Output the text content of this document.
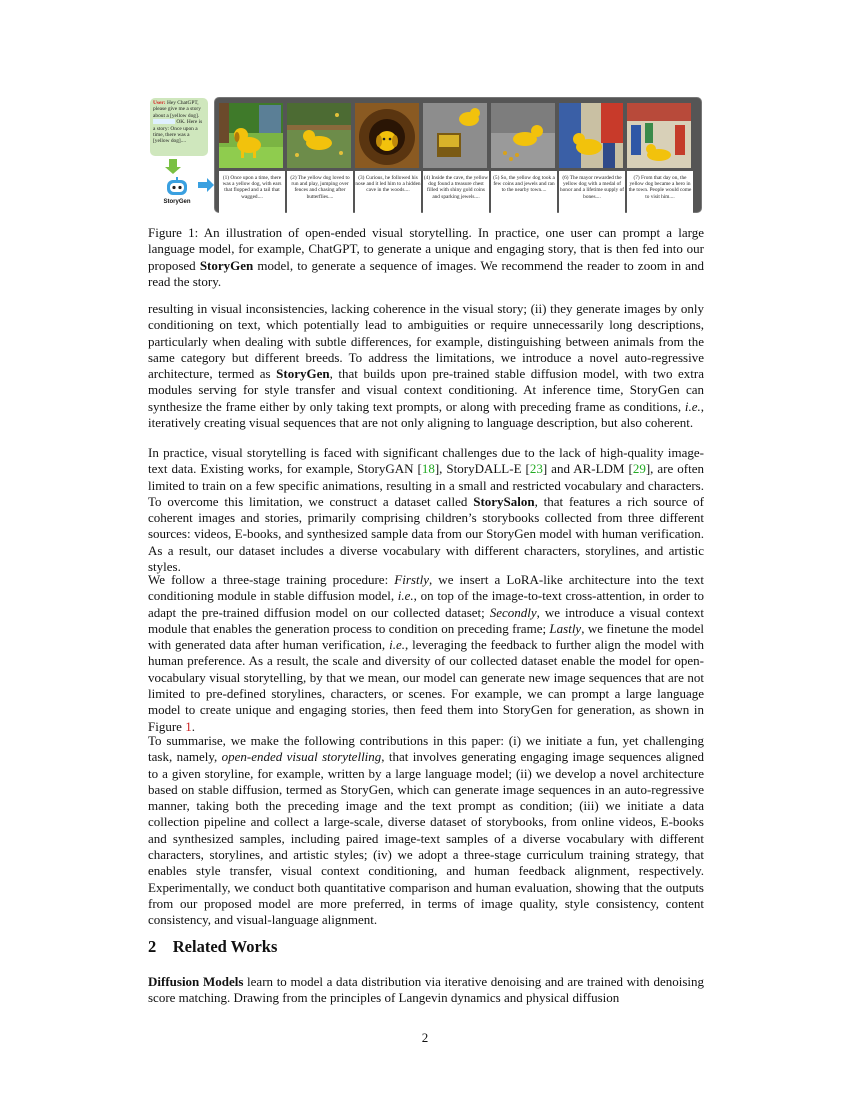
User: Hey ChatGPT, please give me a story about a [yellow dog].
OK. Here is a story: Once upon a time, there was a [yellow dog]....
StoryGen
(1) Once upon a time, there was a yellow dog, with ears that flopped and a tail that wagged....
(2) The yellow dog loved to run and play, jumping over fences and chasing after butterflies....
(3) Curious, he followed his nose and it led him to a hidden cave in the woods....
(4) Inside the cave, the yellow dog found a treasure chest filled with shiny gold coins and sparking jewels....
(5) So, the yellow dog took a few coins and jewels and ran to the nearby town....
(6) The mayor rewarded the yellow dog with a medal of honor and a lifetime supply of bones....
(7) From that day on, the yellow dog became a hero in the town. People would come to visit him....

Figure 1: An illustration of open-ended visual storytelling. In practice, one user can prompt a large language model, for example, ChatGPT, to generate a unique and engaging story, that is then fed into our proposed StoryGen model, to generate a sequence of images. We recommend the reader to zoom in and read the story.

resulting in visual inconsistencies, lacking coherence in the visual story; (ii) they generate images by only conditioning on text, which potentially lead to ambiguities or require unnecessarily long descriptions, particularly when dealing with subtle differences, for example, distinguishing between animals from the same category but different breeds. To address the limitations, we introduce a novel auto-regressive architecture, termed as StoryGen, that builds upon pre-trained stable diffusion model, with two extra modules serving for style transfer and visual context conditioning. At inference time, StoryGen can synthesize the frame either by only taking text prompts, or along with preceding frame as conditions, i.e., iteratively creating visual sequences that are not only aligning to language description, but also coherent.

In practice, visual storytelling is faced with significant challenges due to the lack of high-quality image-text data. Existing works, for example, StoryGAN [18], StoryDALL-E [23] and AR-LDM [29], are often limited to train on a few specific animations, resulting in a small and restricted vocabulary and characters. To overcome this limitation, we construct a dataset called StorySalon, that features a rich source of coherent images and stories, primarily comprising children’s storybooks collected from three different sources: videos, E-books, and synthesized sample data from our StoryGen model with human verification. As a result, our dataset includes a diverse vocabulary with different characters, storylines, and artistic styles.

We follow a three-stage training procedure: Firstly, we insert a LoRA-like architecture into the text conditioning module in stable diffusion model, i.e., on top of the image-to-text cross-attention, in order to adapt the pre-trained diffusion model on our collected dataset; Secondly, we introduce a visual context module that enables the generation process to condition on preceding frame; Lastly, we finetune the model with generated data after human verification, i.e., leveraging the feedback to further align the model with human preference. As a result, the scale and diversity of our collected dataset enable the model for open-vocabulary visual storytelling, by that we mean, our model can generate new image sequences that are not limited to pre-defined storylines, characters, or scenes. For example, we can prompt a large language model to create unique and engaging stories, then feed them into StoryGen for generation, as shown in Figure 1.

To summarise, we make the following contributions in this paper: (i) we initiate a fun, yet challenging task, namely, open-ended visual storytelling, that involves generating engaging image sequences aligned to a given storyline, for example, written by a large language model; (ii) we develop a novel architecture based on stable diffusion, termed as StoryGen, which can generate image sequences in an auto-regressive manner, taking both the preceding image and the text prompt as condition; (iii) we initiate a data collection pipeline and collect a large-scale, diverse dataset of storybooks, from online videos, E-books and synthesized samples, including paired image-text samples of a diverse vocabulary with different characters, storylines, and artistic styles; (iv) we adopt a three-stage curriculum training strategy, that enables style transfer, visual context conditioning, and human feedback alignment, respectively. Experimentally, we conduct both quantitative comparison and human evaluation, showing that the outputs from our proposed model are more preferred, in terms of image quality, style consistency, content consistency, and visual-language alignment.

2 Related Works

Diffusion Models learn to model a data distribution via iterative denoising and are trained with denoising score matching. Drawing from the principles of Langevin dynamics and physical diffusion

2
